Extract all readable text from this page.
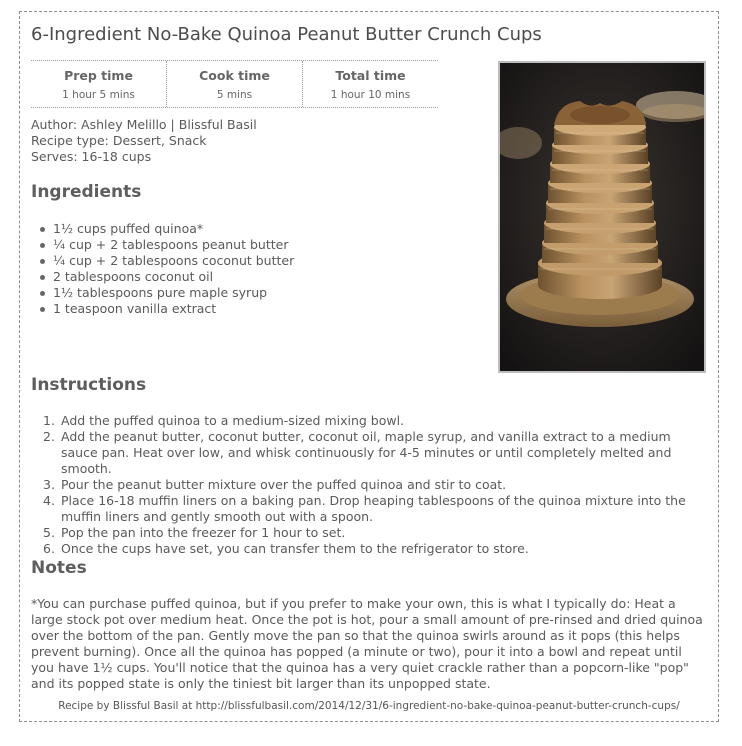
6-Ingredient No-Bake Quinoa Peanut Butter Crunch Cups
Prep time
1 hour 5 mins
Cook time
5 mins
Total time
1 hour 10 mins
Author: Ashley Melillo | Blissful Basil
Recipe type: Dessert, Snack
Serves: 16-18 cups
Ingredients
1½ cups puffed quinoa*
¼ cup + 2 tablespoons peanut butter
¼ cup + 2 tablespoons coconut butter
2 tablespoons coconut oil
1½ tablespoons pure maple syrup
1 teaspoon vanilla extract
Instructions
Add the puffed quinoa to a medium-sized mixing bowl.
Add the peanut butter, coconut butter, coconut oil, maple syrup, and vanilla extract to a medium sauce pan. Heat over low, and whisk continuously for 4-5 minutes or until completely melted and smooth.
Pour the peanut butter mixture over the puffed quinoa and stir to coat.
Place 16-18 muffin liners on a baking pan. Drop heaping tablespoons of the quinoa mixture into the muffin liners and gently smooth out with a spoon.
Pop the pan into the freezer for 1 hour to set.
Once the cups have set, you can transfer them to the refrigerator to store.
Notes

*You can purchase puffed quinoa, but if you prefer to make your own, this is what I typically do: Heat a large stock pot over medium heat. Once the pot is hot, pour a small amount of pre-rinsed and dried quinoa over the bottom of the pan. Gently move the pan so that the quinoa swirls around as it pops (this helps prevent burning). Once all the quinoa has popped (a minute or two), pour it into a bowl and repeat until you have 1½ cups. You'll notice that the quinoa has a very quiet crackle rather than a popcorn-like "pop" and its popped state is only the tiniest bit larger than its unpopped state.

Recipe by Blissful Basil at http://blissfulbasil.com/2014/12/31/6-ingredient-no-bake-quinoa-peanut-butter-crunch-cups/
